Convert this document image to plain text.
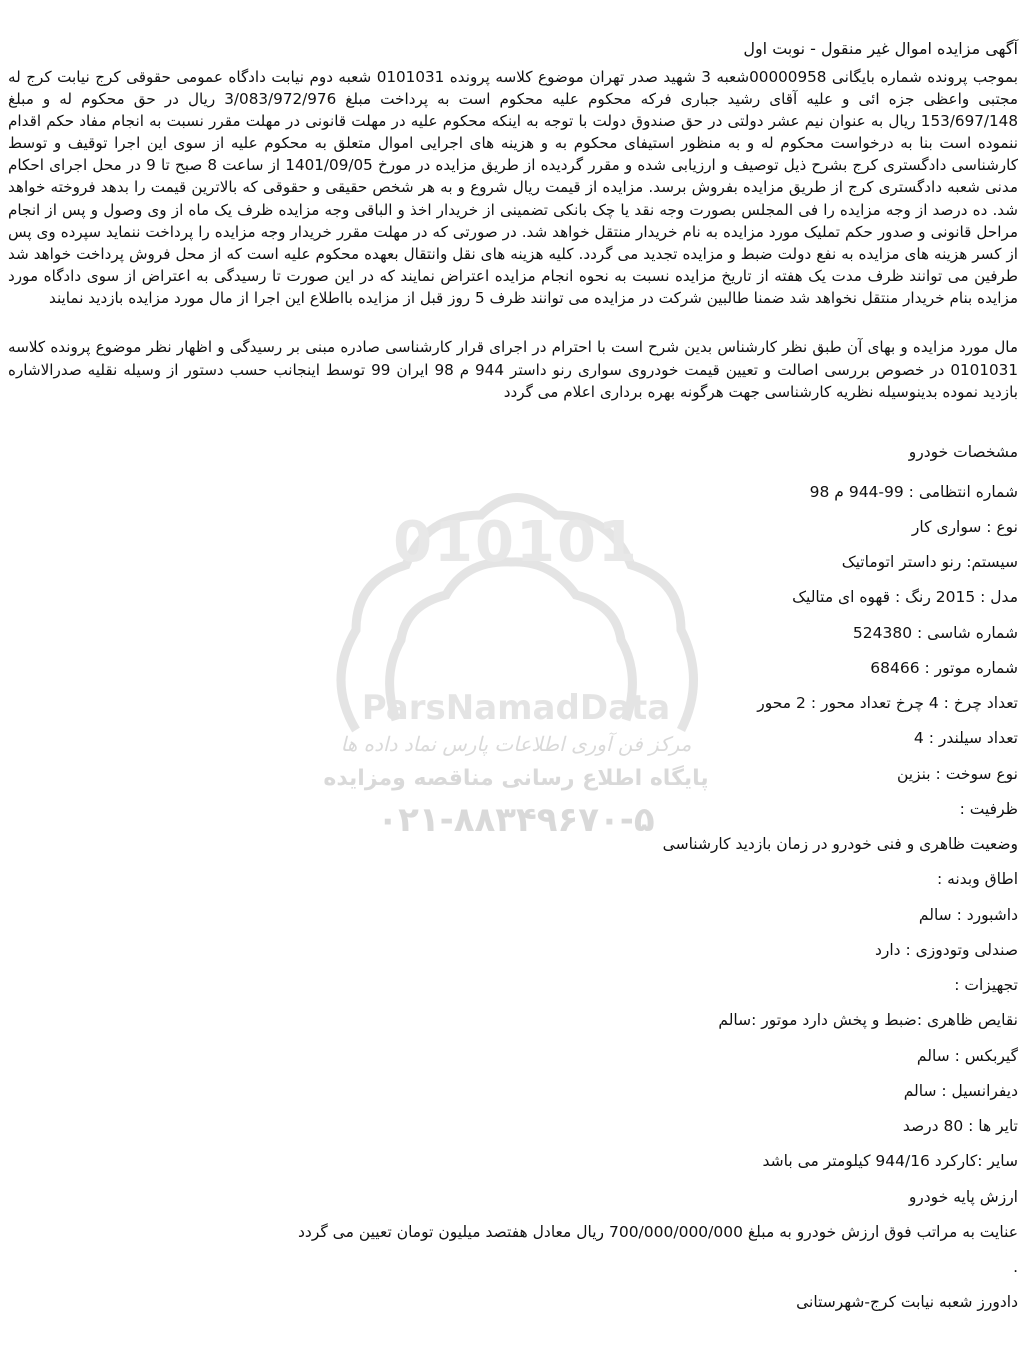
آگهی مزایده اموال غیر منقول - نوبت اول
بموجب پرونده شماره بایگانی 00000958شعبه 3 شهید صدر تهران موضوع کلاسه پرونده 0101031 شعبه دوم نیابت دادگاه عمومی حقوقی کرج نیابت کرج له مجتبی واعظی جزه ائی و علیه آقای رشید جباری فرکه محکوم علیه محکوم است به پرداخت مبلغ 3/083/972/976 ریال در حق محکوم له و مبلغ 153/697/148 ریال به عنوان نیم عشر دولتی در حق صندوق دولت با توجه به اینکه محکوم علیه در مهلت قانونی در مهلت مقرر نسبت به انجام مفاد حکم اقدام ننموده است بنا به درخواست محکوم له و به منظور استیفای محکوم به و هزینه های اجرایی اموال متعلق به محکوم علیه از سوی این اجرا توقیف و توسط کارشناسی دادگستری کرج بشرح ذیل توصیف و ارزیابی شده و مقرر گردیده از طریق مزایده در مورخ 1401/09/05 از ساعت 8 صبح تا 9 در محل اجرای احکام مدنی شعبه دادگستری کرج از طریق مزایده بفروش برسد. مزایده از قیمت ریال شروع و به هر شخص حقیقی و حقوقی که بالاترین قیمت را بدهد فروخته خواهد شد. ده درصد از وجه مزایده را فی المجلس بصورت وجه نقد یا چک بانکی تضمینی از خریدار اخذ و الباقی وجه مزایده ظرف یک ماه از وی وصول و پس از انجام مراحل قانونی و صدور حکم تملیک مورد مزایده به نام خریدار منتقل خواهد شد. در صورتی که در مهلت مقرر خریدار وجه مزایده را پرداخت ننماید سپرده وی پس از کسر هزینه های مزایده به نفع دولت ضبط و مزایده تجدید می گردد. کلیه هزینه های نقل وانتقال بعهده محکوم علیه است که از محل فروش پرداخت خواهد شد طرفین می توانند ظرف مدت یک هفته از تاریخ مزایده نسبت به نحوه انجام مزایده اعتراض نمایند که در این صورت تا رسیدگی به اعتراض از سوی دادگاه مورد مزایده بنام خریدار منتقل نخواهد شد ضمنا طالبین شرکت در مزایده می توانند ظرف 5 روز قبل از مزایده بااطلاع این اجرا از مال مورد مزایده بازدید نمایند
مال مورد مزایده و بهای آن طبق نظر کارشناس بدین شرح است با احترام در اجرای قرار کارشناسی صادره مبنی بر رسیدگی و اظهار نظر موضوع پرونده کلاسه 0101031 در خصوص بررسی اصالت و تعیین قیمت خودروی سواری رنو داستر 944 م 98 ایران 99 توسط اینجانب حسب دستور از وسیله نقلیه صدرالاشاره بازدید نموده بدینوسیله نظریه کارشناسی جهت هرگونه بهره برداری اعلام می گردد
مشخصات خودرو
شماره انتظامی : 99-944 م 98
نوع : سواری کار
سیستم: رنو داستر اتوماتیک
مدل : 2015 رنگ : قهوه ای متالیک
شماره شاسی : 524380
شماره موتور : 68466
تعداد چرخ : 4 چرخ تعداد محور : 2 محور
تعداد سیلندر : 4
نوع سوخت : بنزین
ظرفیت :
وضعیت ظاهری و فنی خودرو در زمان بازدید کارشناسی
اطاق وبدنه :
داشبورد : سالم
صندلی وتودوزی : دارد
تجهیزات :
نقایص ظاهری :ضبط و پخش دارد موتور :سالم
گیربکس : سالم
دیفرانسیل : سالم
تایر ها : 80 درصد
سایر :کارکرد 944/16 کیلومتر می باشد
ارزش پایه خودرو
عنایت به مراتب فوق ارزش خودرو به مبلغ 700/000/000/000 ریال معادل هفتصد میلیون تومان تعیین می گردد
.
دادورز شعبه نیابت کرج-شهرستانی
010101
ParsNamadData
مرکز فن آوری اطلاعات پارس نماد داده ها
پایگاه اطلاع رسانی مناقصه ومزایده
۰۲۱-۸۸۳۴۹۶۷۰-۵
